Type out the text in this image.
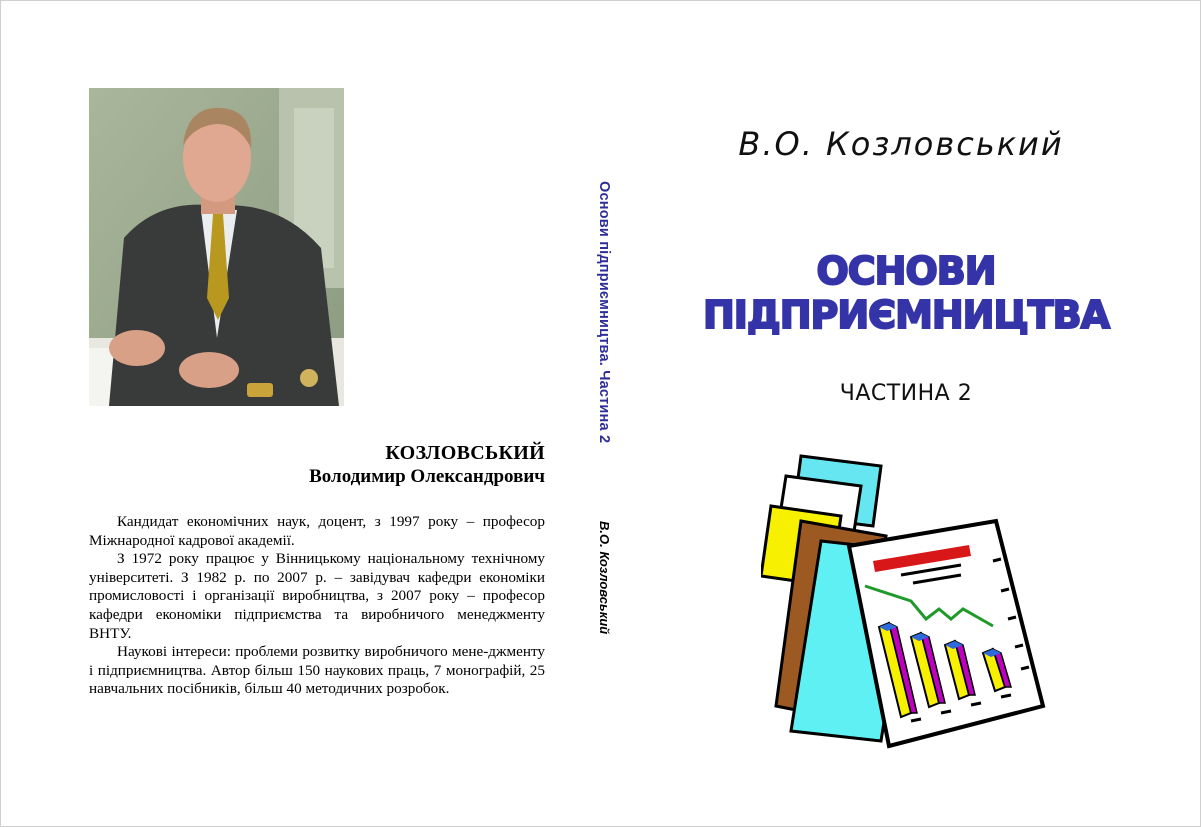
КОЗЛОВСЬКИЙ
Володимир Олександрович

Кандидат економічних наук, доцент, з 1997 року – професор Міжнародної кадрової академії.

З 1972 року працює у Вінницькому національному технічному університеті. З 1982 р. по 2007 р. – завідувач кафедри економіки промисловості і організації виробництва, з 2007 року – професор кафедри економіки підприємства та виробничого менеджменту ВНТУ.

Наукові інтереси: проблеми розвитку виробничого мене-джменту і підприємництва. Автор більш 150 наукових праць, 7 монографій, 25 навчальних посібників, більш 40 методичних розробок.

Основи підприємництва. Частина 2
В.О. Козловський
В.О. Козловський
ОСНОВИ
ПІДПРИЄМНИЦТВА
ЧАСТИНА 2
